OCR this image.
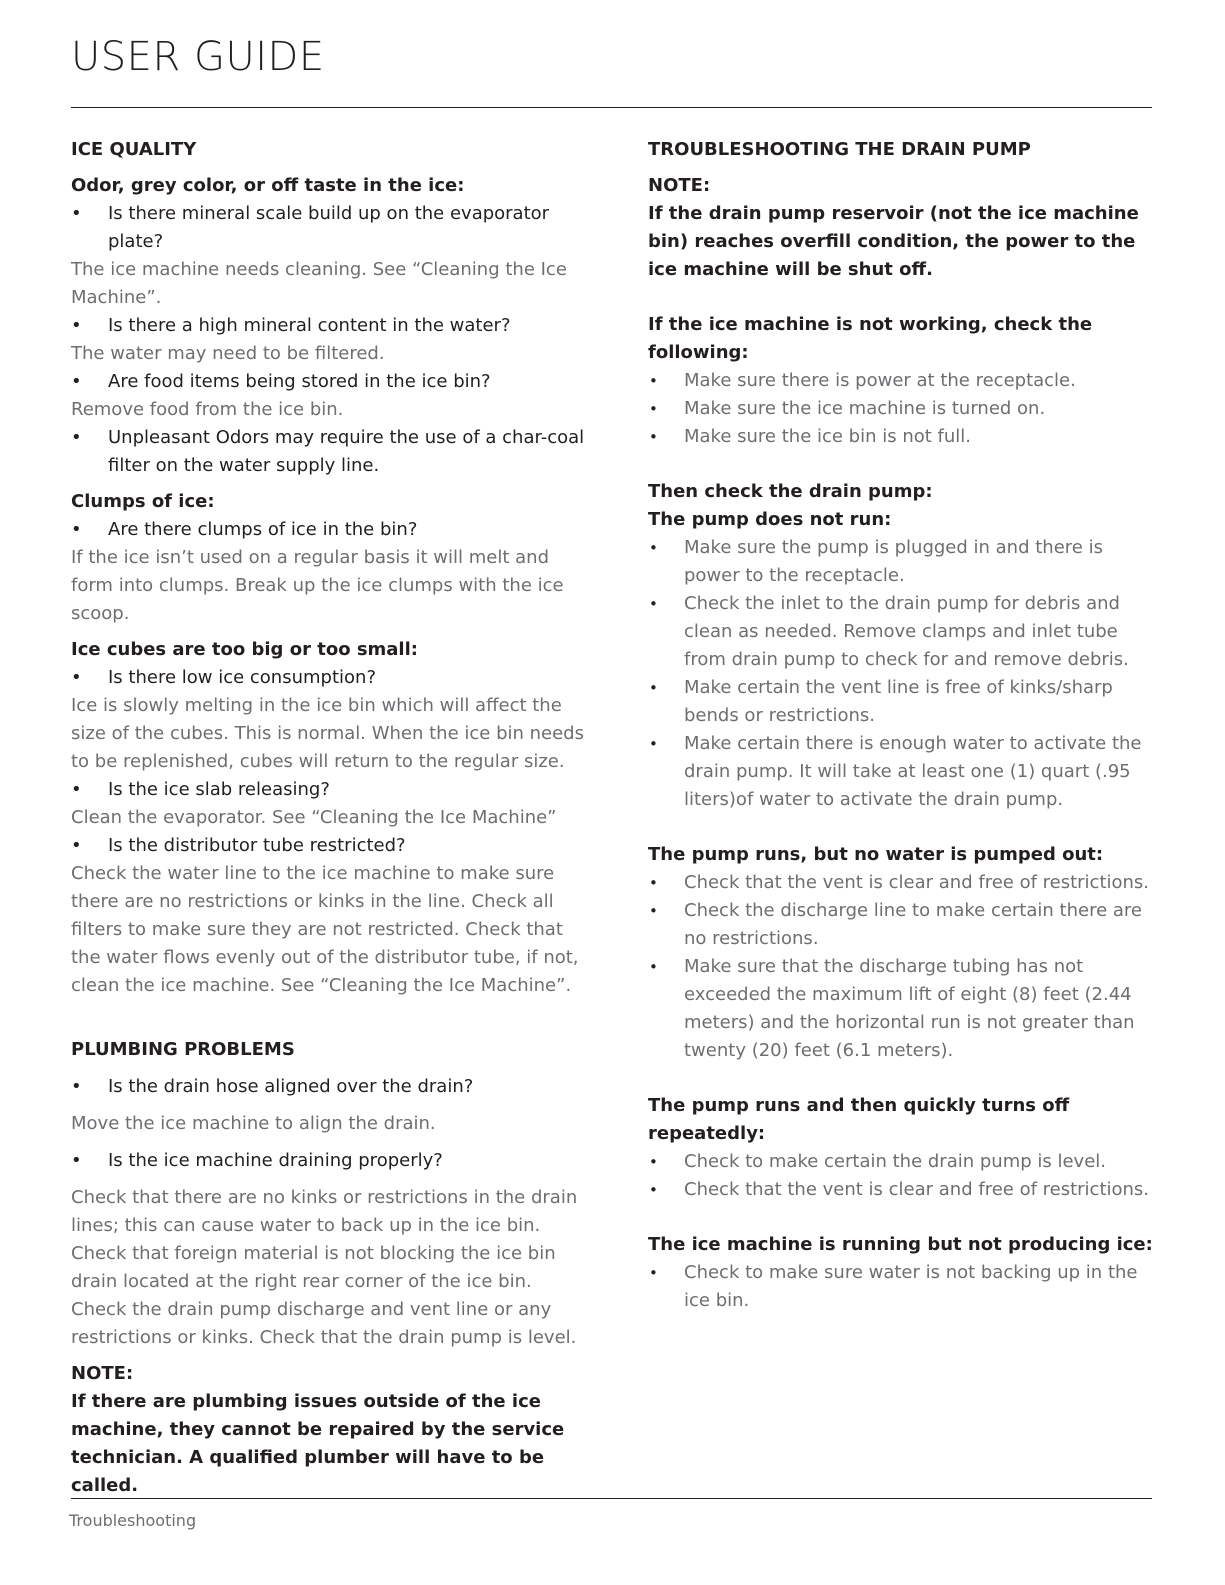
USER GUIDE
ICE QUALITY
Odor, grey color, or off taste in the ice:
• Is there mineral scale build up on the evaporator plate?
The ice machine needs cleaning. See “Cleaning the Ice Machine”.
• Is there a high mineral content in the water?
The water may need to be filtered.
• Are food items being stored in the ice bin?
Remove food from the ice bin.
• Unpleasant Odors may require the use of a char-coal filter on the water supply line.
Clumps of ice:
• Are there clumps of ice in the bin?
If the ice isn’t used on a regular basis it will melt and form into clumps. Break up the ice clumps with the ice scoop.
Ice cubes are too big or too small:
• Is there low ice consumption?
Ice is slowly melting in the ice bin which will affect the size of the cubes. This is normal. When the ice bin needs to be replenished, cubes will return to the regular size.
• Is the ice slab releasing?
Clean the evaporator. See “Cleaning the Ice Machine”
• Is the distributor tube restricted?
Check the water line to the ice machine to make sure there are no restrictions or kinks in the line. Check all filters to make sure they are not restricted. Check that the water flows evenly out of the distributor tube, if not, clean the ice machine. See “Cleaning the Ice Machine”.
PLUMBING PROBLEMS
• Is the drain hose aligned over the drain?
Move the ice machine to align the drain.
• Is the ice machine draining properly?
Check that there are no kinks or restrictions in the drain lines; this can cause water to back up in the ice bin. Check that foreign material is not blocking the ice bin drain located at the right rear corner of the ice bin. Check the drain pump discharge and vent line or any restrictions or kinks. Check that the drain pump is level.
NOTE:
If there are plumbing issues outside of the ice machine, they cannot be repaired by the service technician. A qualified plumber will have to be called.
TROUBLESHOOTING THE DRAIN PUMP
NOTE:
If the drain pump reservoir (not the ice machine bin) reaches overfill condition, the power to the ice machine will be shut off.
If the ice machine is not working, check the following:
• Make sure there is power at the receptacle.
• Make sure the ice machine is turned on.
• Make sure the ice bin is not full.
Then check the drain pump:
The pump does not run:
• Make sure the pump is plugged in and there is power to the receptacle.
• Check the inlet to the drain pump for debris and clean as needed. Remove clamps and inlet tube from drain pump to check for and remove debris.
• Make certain the vent line is free of kinks/sharp bends or restrictions.
• Make certain there is enough water to activate the drain pump. It will take at least one (1) quart (.95 liters)of water to activate the drain pump.
The pump runs, but no water is pumped out:
• Check that the vent is clear and free of restrictions.
• Check the discharge line to make certain there are no restrictions.
• Make sure that the discharge tubing has not exceeded the maximum lift of eight (8) feet (2.44 meters) and the horizontal run is not greater than twenty (20) feet (6.1 meters).
The pump runs and then quickly turns off repeatedly:
• Check to make certain the drain pump is level.
• Check that the vent is clear and free of restrictions.
The ice machine is running but not producing ice:
• Check to make sure water is not backing up in the ice bin.
Troubleshooting
